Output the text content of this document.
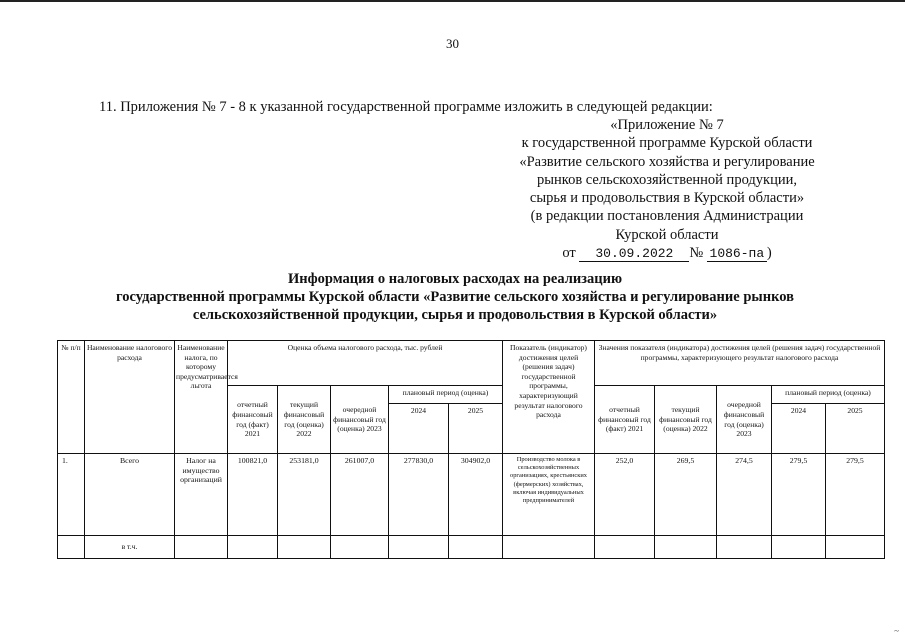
30
11. Приложения № 7 - 8 к указанной государственной программе изложить в следующей редакции:
«Приложение № 7
к государственной программе Курской области
«Развитие сельского хозяйства и регулирование
рынков сельскохозяйственной продукции,
сырья и продовольствия в Курской области»
(в редакции постановления Администрации
Курской области
от 30.09.2022 № 1086-па )
Информация о налоговых расходах на реализацию
государственной программы Курской области «Развитие сельского хозяйства и регулирование рынков
сельскохозяйственной продукции, сырья и продовольствия в Курской области»
№ п/п	Наименование налогового расхода	Наименование налога, по которому предусматривается льгота	Оценка объема налогового расхода, тыс. рублей					Показатель (индикатор) достижения целей (решения задач) государственной программы, характеризующий результат налогового расхода	Значения показателя (индикатора) достижения целей (решения задач) государственной программы, характеризующего результат налогового расхода				
			отчетный финансовый год (факт) 2021	текущий финансовый год (оценка) 2022	очередной финансовый год (оценка) 2023	плановый период (оценка)			отчетный финансовый год (факт) 2021	текущий финансовый год (оценка) 2022	очередной финансовый год (оценка) 2023	плановый период (оценка)	
						2024	2025					2024	2025
1.	Всего	Налог на имущество организаций	100821,0	253181,0	261007,0	277830,0	304902,0	Производство молока в сельскохозяйственных организациях, крестьянских (фермерских) хозяйствах, включая индивидуальных предпринимателей	252,0	269,5	274,5	279,5	279,5
	в т.ч.												
~
